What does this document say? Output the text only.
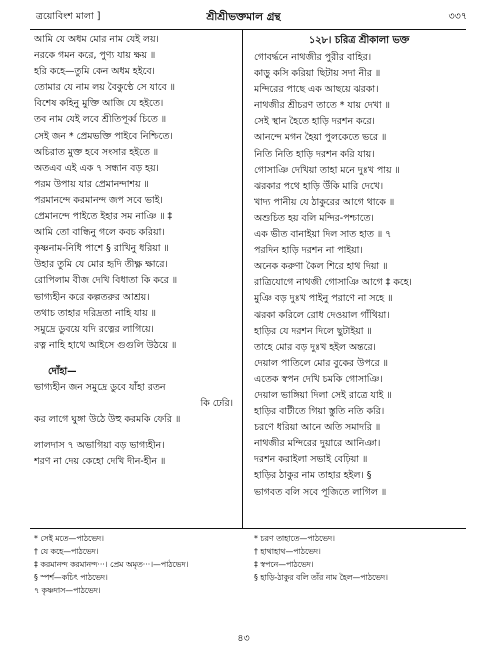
ত্রয়োবিংশ মালা ]	শ্রীশ্রীভক্তমাল গ্রন্থ	৩৩৭
আমি যে অধম মোর নাম যেই লয়।
নরকে গমন করে, পুণ্য যায় ক্ষয় ॥
হরি কহে—তুমি কেন অধম হইবে।
তোমার যে নাম লয় বৈকুণ্ঠে সে যাবে ॥
বিশেষ কহিনু মুক্তি আজি যে হইতে।
তব নাম যেই লবে শ্রীতিপূর্ব্ব চিতে ॥
সেই জন * প্রেমভক্তি পাইবে নিশ্চিতে।
অচিরাত মুক্ত হবে সংসার হইতে ॥
অতএব এই এক ৭ সন্ধান বড় হয়।
পরম উপায় যার প্রেমানন্দাশয় ॥
পরমানন্দে করমানন্দ জপ সবে ভাই।
প্রেমানন্দে পাইতে ইহার সম নাঞি ॥ ‡
আমি তো বান্ধিনু গলে কবচ করিয়া।
কৃষ্ণনাম-নিধি পাশে § রাখিনু ধরিয়া ॥
উহার তুমি যে মোর হৃদি তীক্ষ্ণ ক্ষারে।
রোপিলাম বীজ দেখি বিধাতা কি করে ॥
ভাগ্যহীন করে কল্পতরুর আশ্রয়।
তথাচ তাহার দরিদ্রতা নাহি যায় ॥
সমুদ্রে ডুবয়ে যদি রত্নের লাগিয়ে।
রত্ন নাহি হাথে আইসে গুগুলি উঠয়ে ॥
দোঁহা—
ভাগ্যহীন জন সমুদ্রে ডুবে যাঁহা রতন
কি ঢেরি।
কর লাগে ঘুঙ্গা উঠে উহু করমকি ফেরি ॥
লালদাস ৭ অভাগিয়া বড় ভাগ্যহীন।
শরণ না দেয় কেহো দেখি দীন-হীন ॥
১২৮। চরিত্র শ্রীকালা ভক্ত
গোবর্দ্ধনে নাথজীর পুরীর বাহির।
কাড়ু কসি করিয়া ছিটায় সদা নীর ॥
মন্দিরের পাছে এক আছয়ে ঝরকা।
নাথজীর শ্রীচরণ তাতে * যায় দেখা ॥
সেই স্থান হৈতে হাড়ি দরশন করে।
আনন্দে মগন হৈয়া পুলকেতে ভরে ॥
নিতি নিতি হাড়ি দরশন করি যায়।
গোসাঞি দেখিয়া তাহা মনে দুঃখ পায় ॥
ঝরকার পথে হাড়ি উঁকি মারি দেখে।
খাদ্য পানীয় যে ঠাকুরের আগে থাকে ॥
অশুচিত হয় বলি মন্দির-পশ্চাতে।
এক ভীত বানাইয়া দিল সাত হাত ॥ ৭
পরদিন হাড়ি দরশন না পাইয়া।
অনেক করুণা কৈল শিরে হাথ দিয়া ॥
রাত্রিযোগে নাথজী গোসাঞি আগে ‡ কহে।
মুঞি বড় দুঃখ পাইনু পরাণে না সহে ॥
ঝরকা করিলে রোধ দেওয়াল গাঁথিয়া।
হাড়ির যে দরশন দিলে ছুটাইয়া ॥
তাহে মোর বড় দুঃখ হইল অন্তরে।
দেয়াল পাতিলে মোর বুকের উপরে ॥
এতেক স্বপন দেখি চমকি গোসাঞি।
দেয়াল ভাঙ্গিয়া দিলা সেই রাত্রে যাই ॥
হাড়ির বাটীতে গিয়া স্তুতি নতি করি।
চরণে ধরিয়া আনে অতি সমাদরি ॥
নাথজীর মন্দিরের দুয়ারে আনিঞা।
দরশন করাইলা সভাই বেঢ়িয়া ॥
হাড়ির ঠাকুর নাম তাহার হইল। §
ভাগবত বলি সবে পূজিতে লাগিল ॥
* সেই মতে—পাঠভেদ।
† যে কহে—পাঠভেদ।
‡ করমানন্দ করমানন্দ···। প্রেম অমৃত···।—পাঠভেদ।
§ স্পর্শ—কচিৎ পাঠভেদ।
৭ কৃষ্ণদাস—পাঠভেদ।
* চরণ তাহাতে—পাঠভেদ।
† হাথাহাথ—পাঠভেদ।
‡ স্বপনে—পাঠভেদ।
§ হাড়ি-ঠাকুর বলি তাঁর নাম হৈল—পাঠভেদ।
৪৩
